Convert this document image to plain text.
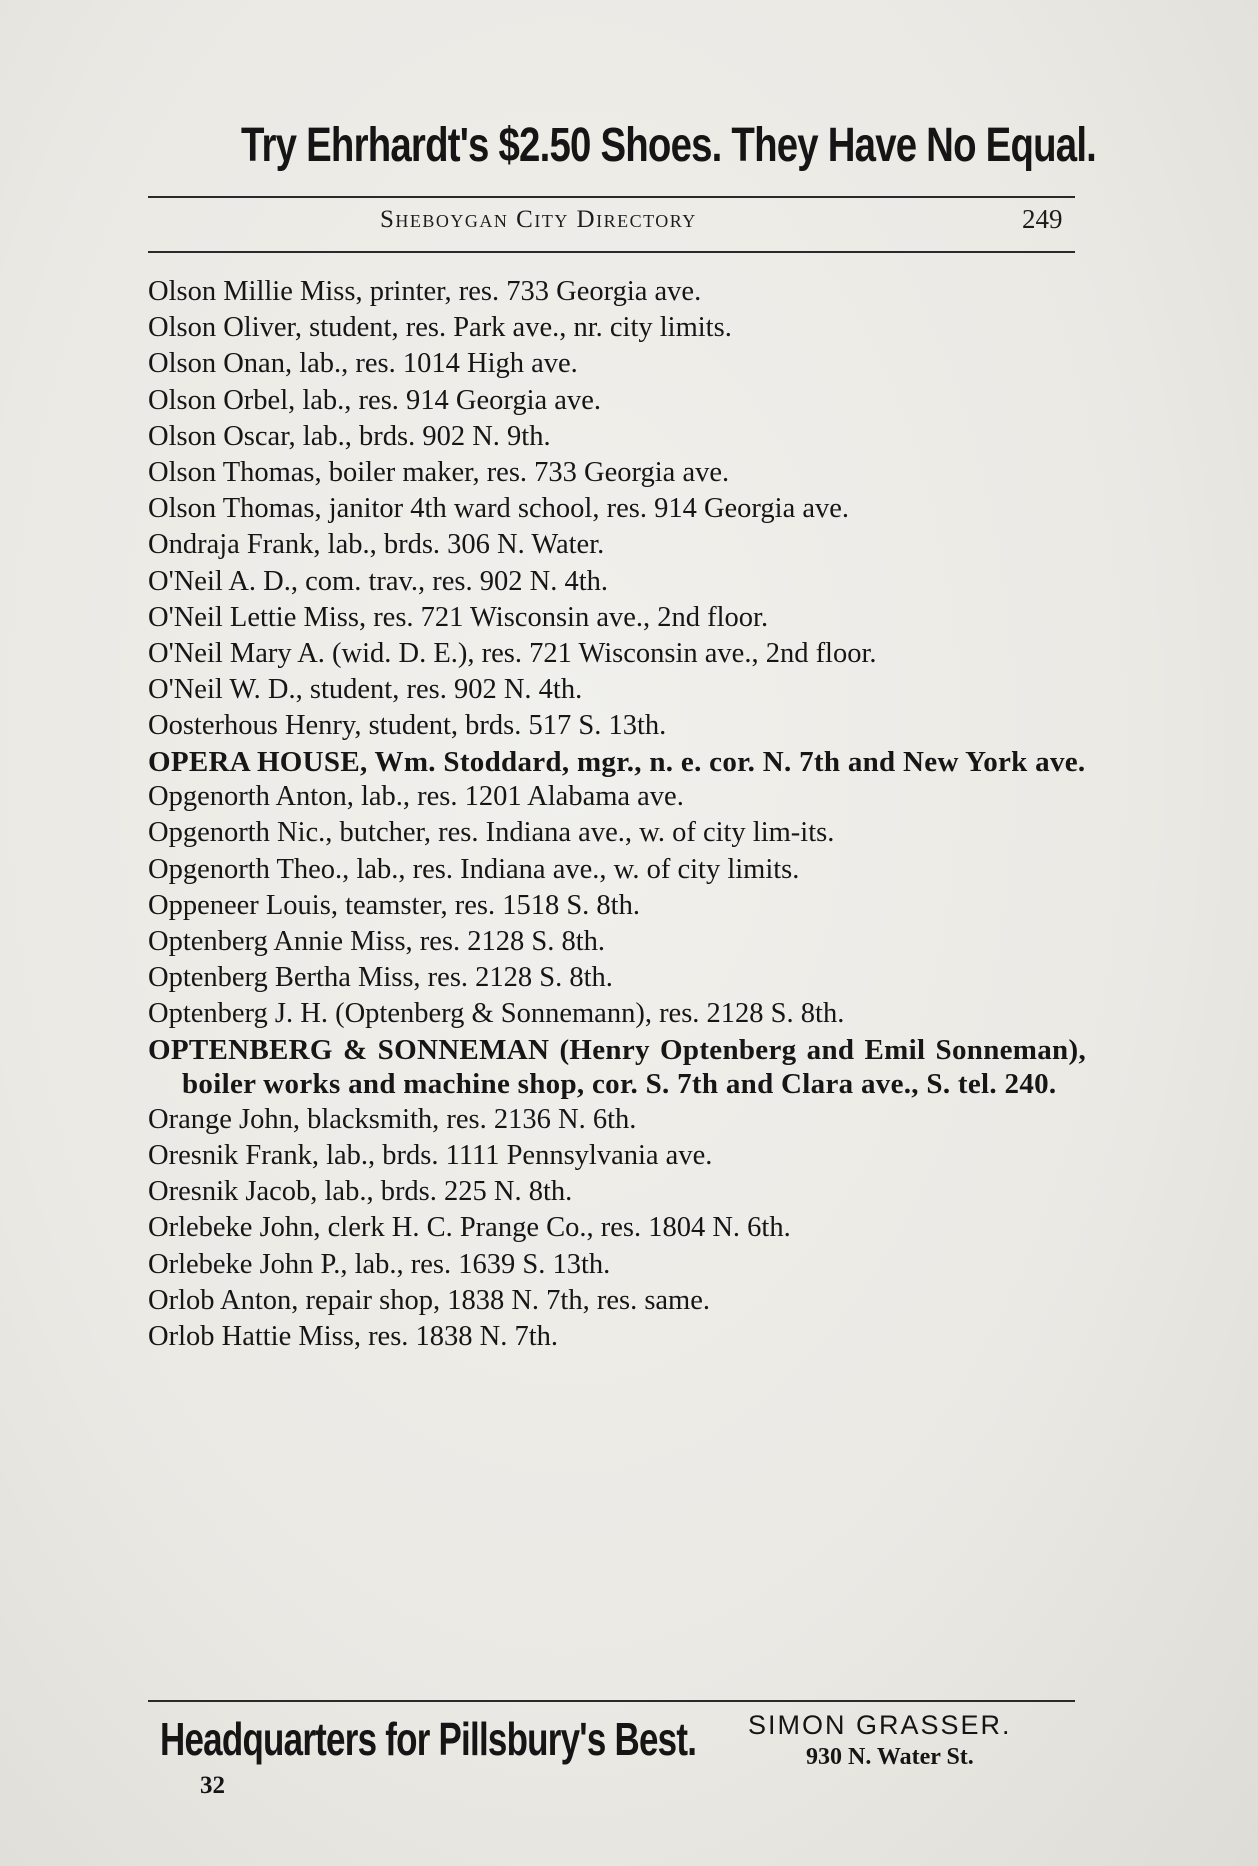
Try Ehrhardt's $2.50 Shoes. They Have No Equal.
Sheboygan City Directory	249
Olson Millie Miss, printer, res. 733 Georgia ave.
Olson Oliver, student, res. Park ave., nr. city limits.
Olson Onan, lab., res. 1014 High ave.
Olson Orbel, lab., res. 914 Georgia ave.
Olson Oscar, lab., brds. 902 N. 9th.
Olson Thomas, boiler maker, res. 733 Georgia ave.
Olson Thomas, janitor 4th ward school, res. 914 Georgia ave.
Ondraja Frank, lab., brds. 306 N. Water.
O'Neil A. D., com. trav., res. 902 N. 4th.
O'Neil Lettie Miss, res. 721 Wisconsin ave., 2nd floor.
O'Neil Mary A. (wid. D. E.), res. 721 Wisconsin ave., 2nd floor.
O'Neil W. D., student, res. 902 N. 4th.
Oosterhous Henry, student, brds. 517 S. 13th.
OPERA HOUSE, Wm. Stoddard, mgr., n. e. cor. N. 7th and New York ave.
Opgenorth Anton, lab., res. 1201 Alabama ave.
Opgenorth Nic., butcher, res. Indiana ave., w. of city lim-its.
Opgenorth Theo., lab., res. Indiana ave., w. of city limits.
Oppeneer Louis, teamster, res. 1518 S. 8th.
Optenberg Annie Miss, res. 2128 S. 8th.
Optenberg Bertha Miss, res. 2128 S. 8th.
Optenberg J. H. (Optenberg & Sonnemann), res. 2128 S. 8th.
OPTENBERG & SONNEMAN (Henry Optenberg and Emil Sonneman), boiler works and machine shop, cor. S. 7th and Clara ave., S. tel. 240.
Orange John, blacksmith, res. 2136 N. 6th.
Oresnik Frank, lab., brds. 1111 Pennsylvania ave.
Oresnik Jacob, lab., brds. 225 N. 8th.
Orlebeke John, clerk H. C. Prange Co., res. 1804 N. 6th.
Orlebeke John P., lab., res. 1639 S. 13th.
Orlob Anton, repair shop, 1838 N. 7th, res. same.
Orlob Hattie Miss, res. 1838 N. 7th.
Headquarters for Pillsbury's Best. SIMON GRASSER.
930 N. Water St.
32
